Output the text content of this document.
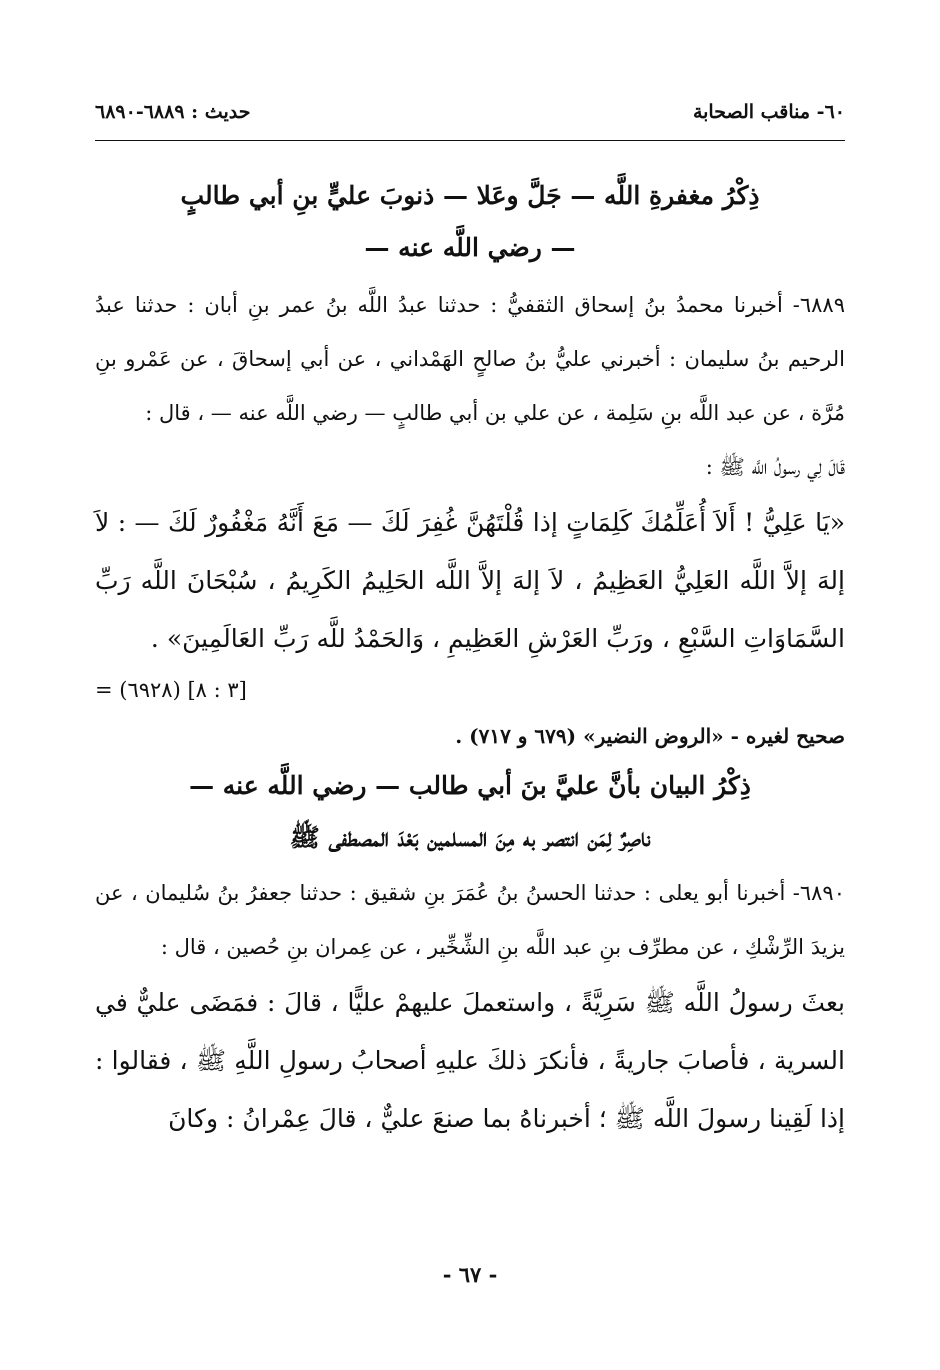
٦٠- مناقب الصحابة
حديث : ٦٨٨٩-٦٨٩٠
ذِكْرُ مغفرةِ اللَّه — جَلَّ وعَلا — ذنوبَ عليٍّ بنِ أبي طالبٍ
— رضي اللَّه عنه —

٦٨٨٩- أخبرنا محمدُ بنُ إسحاق الثقفيُّ : حدثنا عبدُ اللَّه بنُ عمر بنِ أبان : حدثنا عبدُ الرحيم بنُ سليمان : أخبرني عليُّ بنُ صالحٍ الهَمْداني ، عن أبي إسحاقَ ، عن عَمْرو بنِ مُرَّة ، عن عبد اللَّه بنِ سَلِمة ، عن علي بن أبي طالبٍ — رضي اللَّه عنه — ، قال :

قَالَ لِي رسولُ اللَّه ﷺ :

«يَا عَلِيُّ ! أَلاَ أُعَلِّمُكَ كَلِمَاتٍ إذا قُلْتَهُنَّ غُفِرَ لَكَ — مَعَ أَنَّهُ مَغْفُورٌ لَكَ — : لاَ إلهَ إلاَّ اللَّه العَلِيُّ العَظِيمُ ، لاَ إلهَ إلاَّ اللَّه الحَلِيمُ الكَرِيمُ ، سُبْحَانَ اللَّه رَبِّ السَّمَاوَاتِ السَّبْعِ ، ورَبِّ العَرْشِ العَظِيمِ ، وَالحَمْدُ للَّه رَبِّ العَالَمِينَ» .

= (٦٩٢٨) [٣ : ٨]
صحيح لغيره - «الروض النضير» (٦٧٩ و ٧١٧) .
ذِكْرُ البيان بأنَّ عليَّ بنَ أبي طالب — رضي اللَّه عنه —
ناصِرٌ لِمَن انتصر به مِنَ المسلمين بَعْدَ المصطفى ﷺ

٦٨٩٠- أخبرنا أبو يعلى : حدثنا الحسنُ بنُ عُمَرَ بنِ شقيق : حدثنا جعفرُ بنُ سُليمان ، عن يزيدَ الرِّشْكِ ، عن مطرِّف بنِ عبد اللَّه بنِ الشِّخِّير ، عن عِمران بنِ حُصين ، قال :

بعثَ رسولُ اللَّه ﷺ سَرِيَّةً ، واستعملَ عليهمْ عليًّا ، قالَ : فمَضَى عليٌّ في السرية ، فأصابَ جاريةً ، فأنكرَ ذلكَ عليهِ أصحابُ رسولِ اللَّهِ ﷺ ، فقالوا : إذا لَقِينا رسولَ اللَّه ﷺ ؛ أخبرناهُ بما صنعَ عليٌّ ، قالَ عِمْرانُ : وكانَ

- ٦٧ -
